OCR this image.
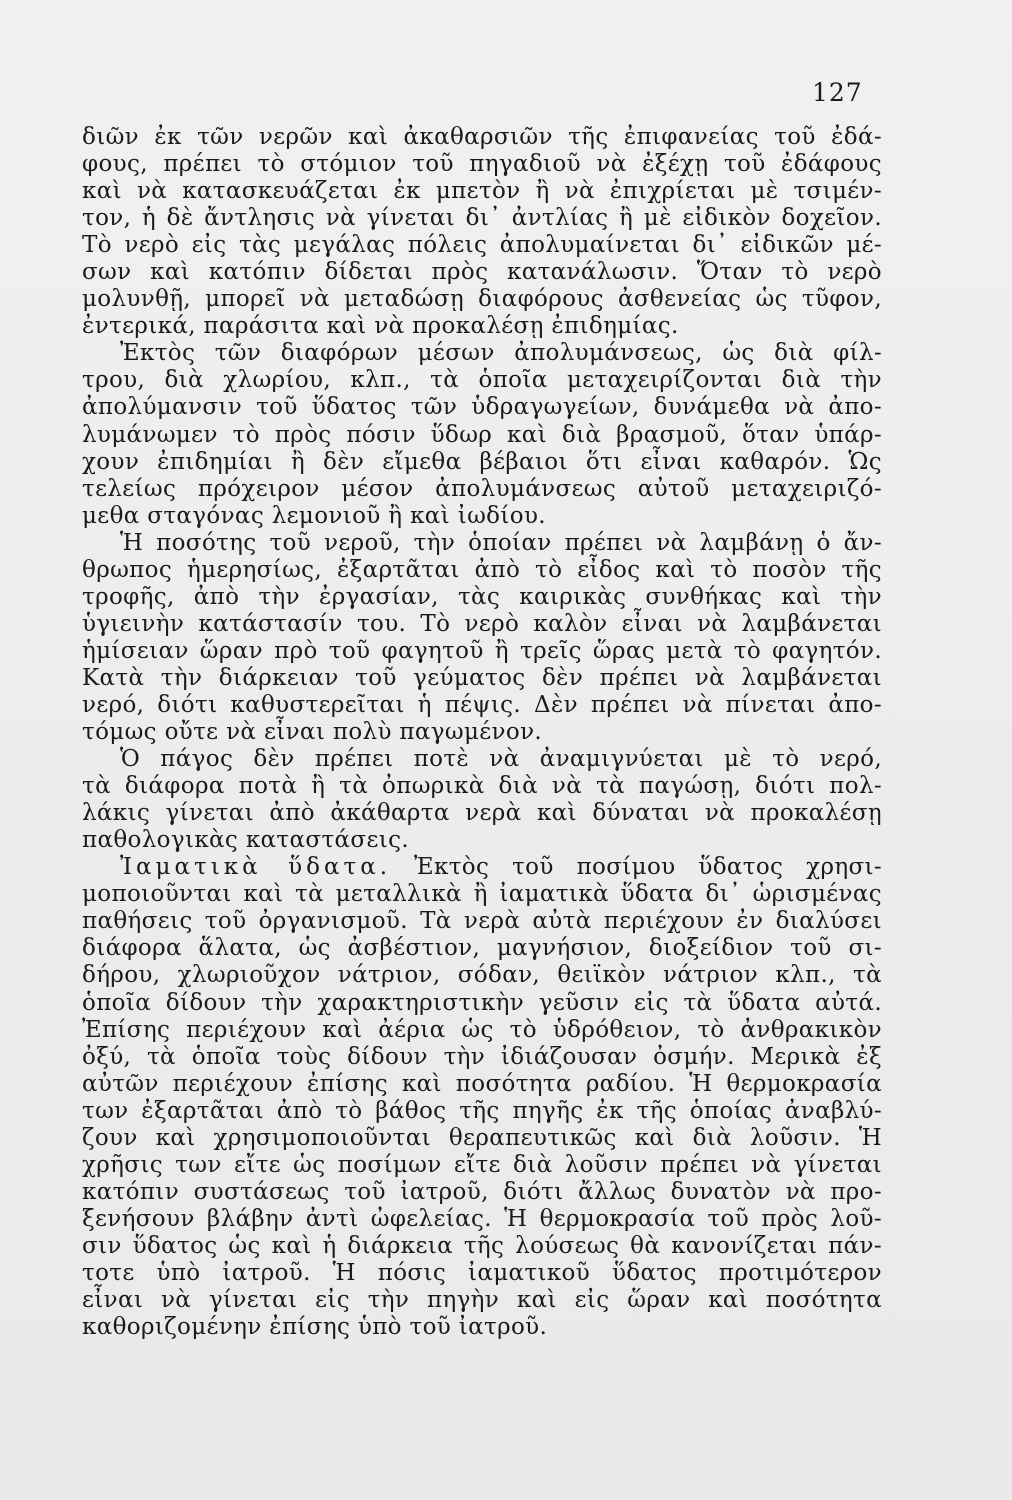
127
διῶν ἐκ τῶν νερῶν καὶ ἀκαθαρσιῶν τῆς ἐπιφανείας τοῦ ἐδά-
φους, πρέπει τὸ στόμιον τοῦ πηγαδιοῦ νὰ ἐξέχῃ τοῦ ἐδάφους
καὶ νὰ κατασκευάζεται ἐκ μπετὸν ἢ νὰ ἐπιχρίεται μὲ τσιμέν-
τον, ἡ δὲ ἄντλησις νὰ γίνεται δι᾽ ἀντλίας ἢ μὲ εἰδικὸν δοχεῖον.
Τὸ νερὸ εἰς τὰς μεγάλας πόλεις ἀπολυμαίνεται δι᾽ εἰδικῶν μέ-
σων καὶ κατόπιν δίδεται πρὸς κατανάλωσιν. Ὅταν τὸ νερὸ
μολυνθῇ, μπορεῖ νὰ μεταδώσῃ διαφόρους ἀσθενείας ὡς τῦφον,
ἐντερικά, παράσιτα καὶ νὰ προκαλέσῃ ἐπιδημίας.
Ἐκτὸς τῶν διαφόρων μέσων ἀπολυμάνσεως, ὡς διὰ φίλ-
τρου, διὰ χλωρίου, κλπ., τὰ ὁποῖα μεταχειρίζονται διὰ τὴν
ἀπολύμανσιν τοῦ ὕδατος τῶν ὑδραγωγείων, δυνάμεθα νὰ ἀπο-
λυμάνωμεν τὸ πρὸς πόσιν ὕδωρ καὶ διὰ βρασμοῦ, ὅταν ὑπάρ-
χουν ἐπιδημίαι ἢ δὲν εἴμεθα βέβαιοι ὅτι εἶναι καθαρόν. Ὡς
τελείως πρόχειρον μέσον ἀπολυμάνσεως αὐτοῦ μεταχειριζό-
μεθα σταγόνας λεμονιοῦ ἢ καὶ ἰωδίου.
Ἡ ποσότης τοῦ νεροῦ, τὴν ὁποίαν πρέπει νὰ λαμβάνῃ ὁ ἄν-
θρωπος ἡμερησίως, ἐξαρτᾶται ἀπὸ τὸ εἶδος καὶ τὸ ποσὸν τῆς
τροφῆς, ἀπὸ τὴν ἐργασίαν, τὰς καιρικὰς συνθήκας καὶ τὴν
ὑγιεινὴν κατάστασίν του. Τὸ νερὸ καλὸν εἶναι νὰ λαμβάνεται
ἡμίσειαν ὥραν πρὸ τοῦ φαγητοῦ ἢ τρεῖς ὥρας μετὰ τὸ φαγητόν.
Κατὰ τὴν διάρκειαν τοῦ γεύματος δὲν πρέπει νὰ λαμβάνεται
νερό, διότι καθυστερεῖται ἡ πέψις. Δὲν πρέπει νὰ πίνεται ἀπο-
τόμως οὔτε νὰ εἶναι πολὺ παγωμένον.
Ὁ πάγος δὲν πρέπει ποτὲ νὰ ἀναμιγνύεται μὲ τὸ νερό,
τὰ διάφορα ποτὰ ἢ τὰ ὀπωρικὰ διὰ νὰ τὰ παγώσῃ, διότι πολ-
λάκις γίνεται ἀπὸ ἀκάθαρτα νερὰ καὶ δύναται νὰ προκαλέσῃ
παθολογικὰς καταστάσεις.
Ἰαματικὰ ὕδατα. Ἐκτὸς τοῦ ποσίμου ὕδατος χρησι-
μοποιοῦνται καὶ τὰ μεταλλικὰ ἢ ἰαματικὰ ὕδατα δι᾽ ὡρισμένας
παθήσεις τοῦ ὀργανισμοῦ. Τὰ νερὰ αὐτὰ περιέχουν ἐν διαλύσει
διάφορα ἅλατα, ὡς ἀσβέστιον, μαγνήσιον, διοξείδιον τοῦ σι-
δήρου, χλωριοῦχον νάτριον, σόδαν, θειϊκὸν νάτριον κλπ., τὰ
ὁποῖα δίδουν τὴν χαρακτηριστικὴν γεῦσιν εἰς τὰ ὕδατα αὐτά.
Ἐπίσης περιέχουν καὶ ἀέρια ὡς τὸ ὑδρόθειον, τὸ ἀνθρακικὸν
ὀξύ, τὰ ὁποῖα τοὺς δίδουν τὴν ἰδιάζουσαν ὀσμήν. Μερικὰ ἐξ
αὐτῶν περιέχουν ἐπίσης καὶ ποσότητα ραδίου. Ἡ θερμοκρασία
των ἐξαρτᾶται ἀπὸ τὸ βάθος τῆς πηγῆς ἐκ τῆς ὁποίας ἀναβλύ-
ζουν καὶ χρησιμοποιοῦνται θεραπευτικῶς καὶ διὰ λοῦσιν. Ἡ
χρῆσις των εἴτε ὡς ποσίμων εἴτε διὰ λοῦσιν πρέπει νὰ γίνεται
κατόπιν συστάσεως τοῦ ἰατροῦ, διότι ἄλλως δυνατὸν νὰ προ-
ξενήσουν βλάβην ἀντὶ ὠφελείας. Ἡ θερμοκρασία τοῦ πρὸς λοῦ-
σιν ὕδατος ὡς καὶ ἡ διάρκεια τῆς λούσεως θὰ κανονίζεται πάν-
τοτε ὑπὸ ἰατροῦ. Ἡ πόσις ἰαματικοῦ ὕδατος προτιμότερον
εἶναι νὰ γίνεται εἰς τὴν πηγὴν καὶ εἰς ὥραν καὶ ποσότητα
καθοριζομένην ἐπίσης ὑπὸ τοῦ ἰατροῦ.
